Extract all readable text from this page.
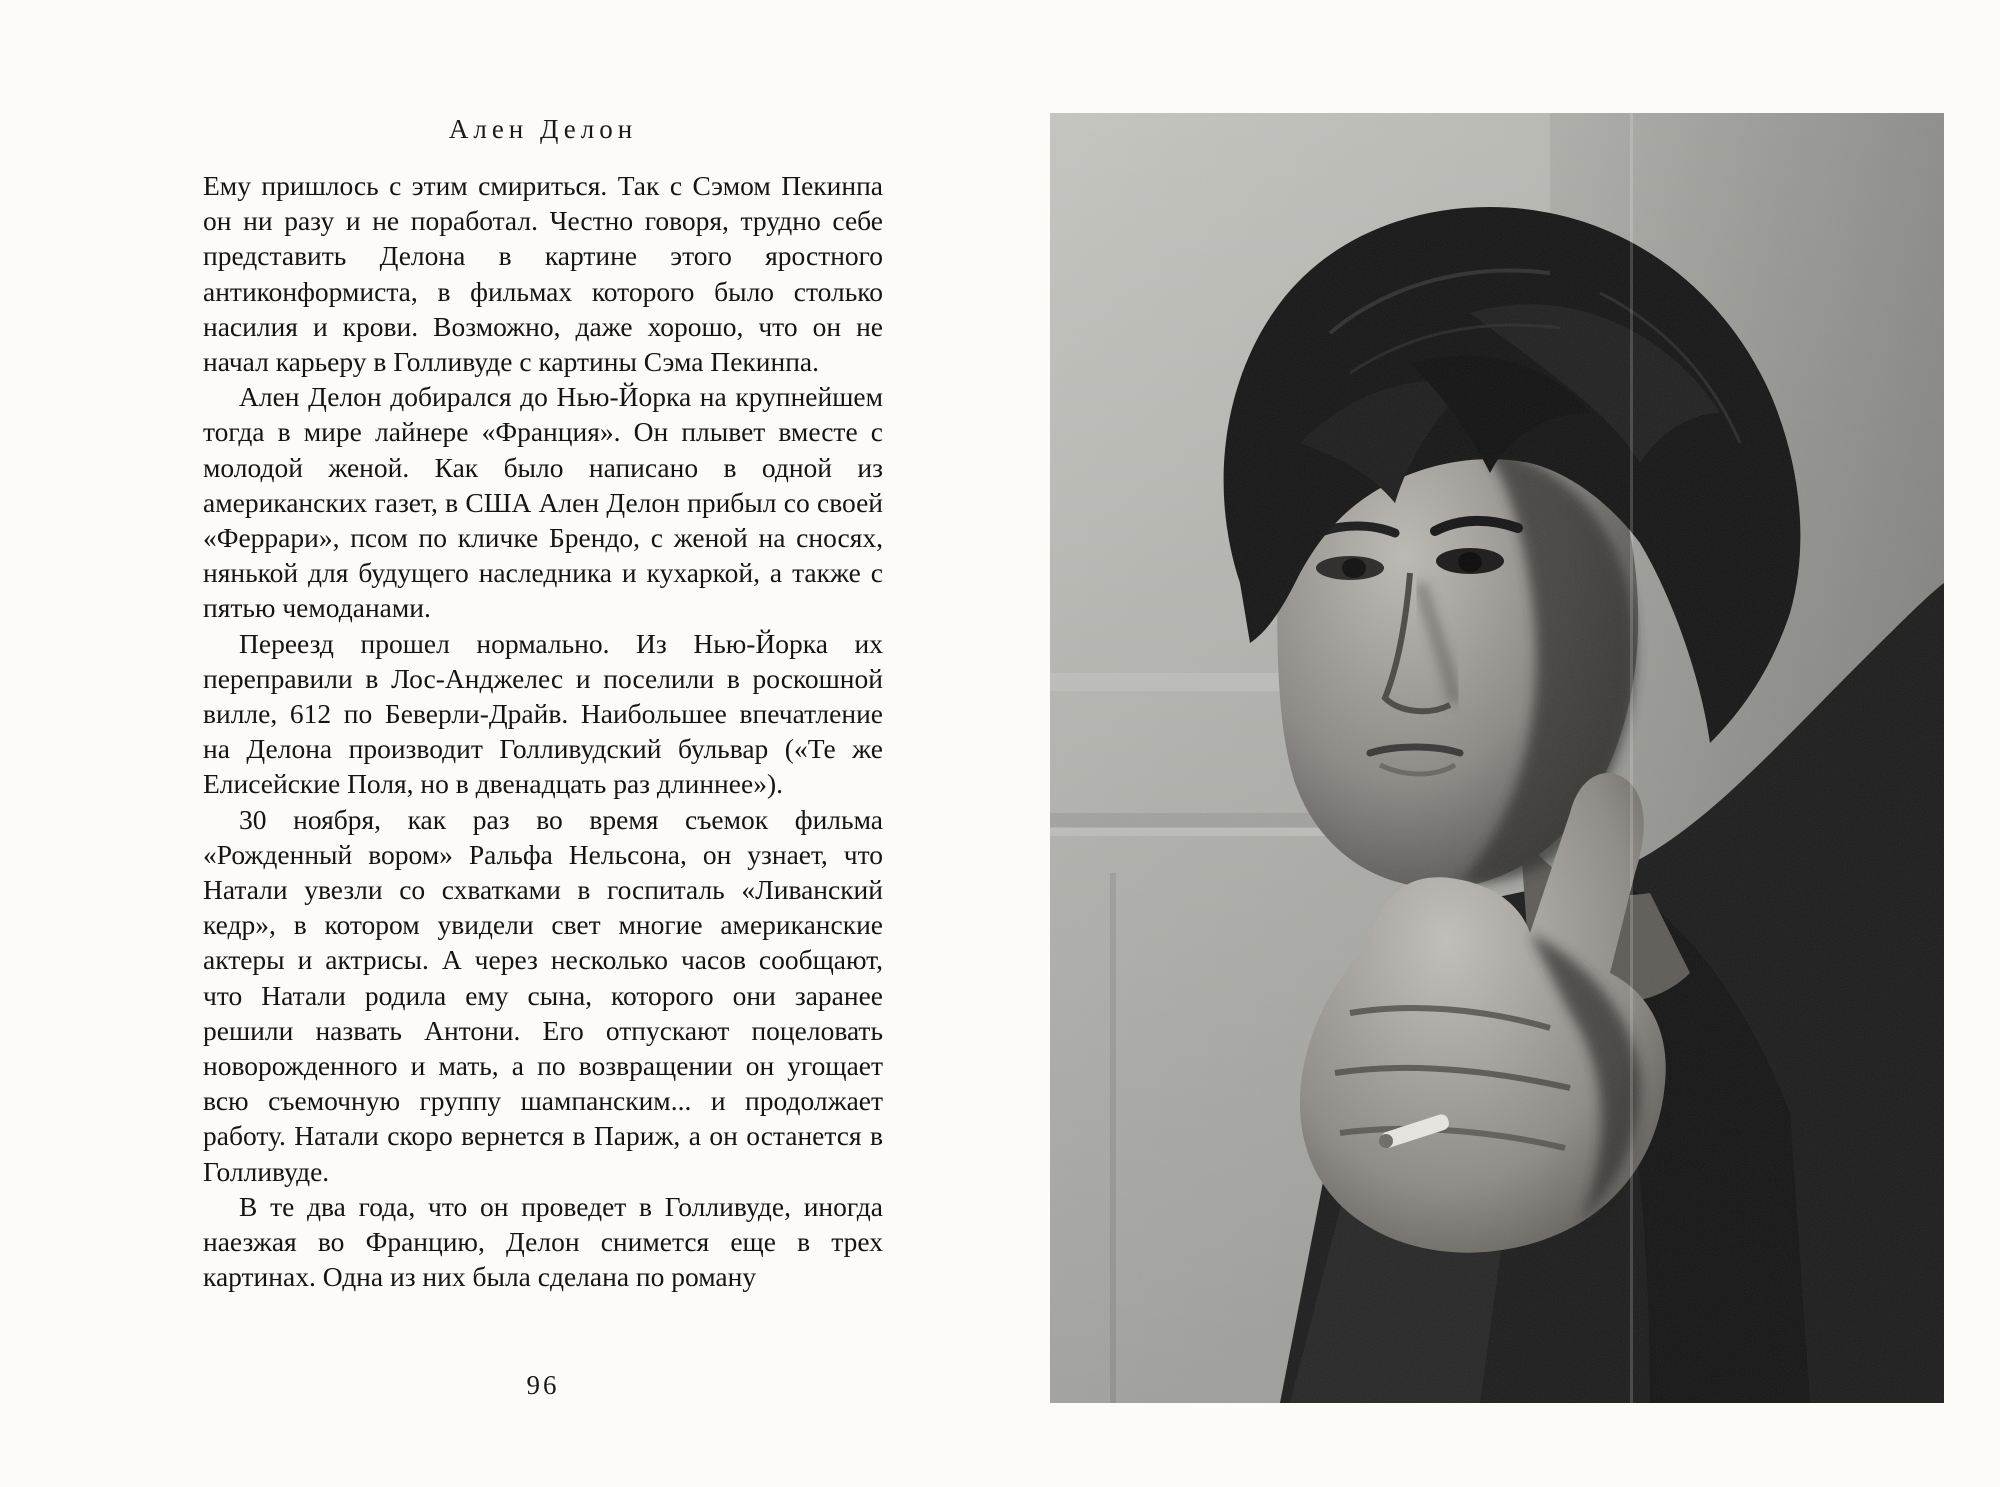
Ален Делон

Ему пришлось с этим смириться. Так с Сэмом Пекинпа он ни разу и не поработал. Честно говоря, трудно себе представить Делона в картине этого яростного антиконформиста, в фильмах которого было столько насилия и крови. Возможно, даже хорошо, что он не начал карьеру в Голливуде с картины Сэма Пекинпа.

Ален Делон добирался до Нью-Йорка на крупнейшем тогда в мире лайнере «Франция». Он плывет вместе с молодой женой. Как было написано в одной из американских газет, в США Ален Делон прибыл со своей «Феррари», псом по кличке Брендо, с женой на сносях, нянькой для будущего наследника и кухаркой, а также с пятью чемоданами.

Переезд прошел нормально. Из Нью-Йорка их переправили в Лос-Анджелес и поселили в роскошной вилле, 612 по Беверли-Драйв. Наибольшее впечатление на Делона производит Голливудский бульвар («Те же Елисейские Поля, но в двенадцать раз длиннее»).

30 ноября, как раз во время съемок фильма «Рожденный вором» Ральфа Нельсона, он узнает, что Натали увезли со схватками в госпиталь «Ливанский кедр», в котором увидели свет многие американские актеры и актрисы. А через несколько часов сообщают, что Натали родила ему сына, которого они заранее решили назвать Антони. Его отпускают поцеловать новорожденного и мать, а по возвращении он угощает всю съемочную группу шампанским... и продолжает работу. Натали скоро вернется в Париж, а он останется в Голливуде.

В те два года, что он проведет в Голливуде, иногда наезжая во Францию, Делон снимется еще в трех картинах. Одна из них была сделана по роману

96
